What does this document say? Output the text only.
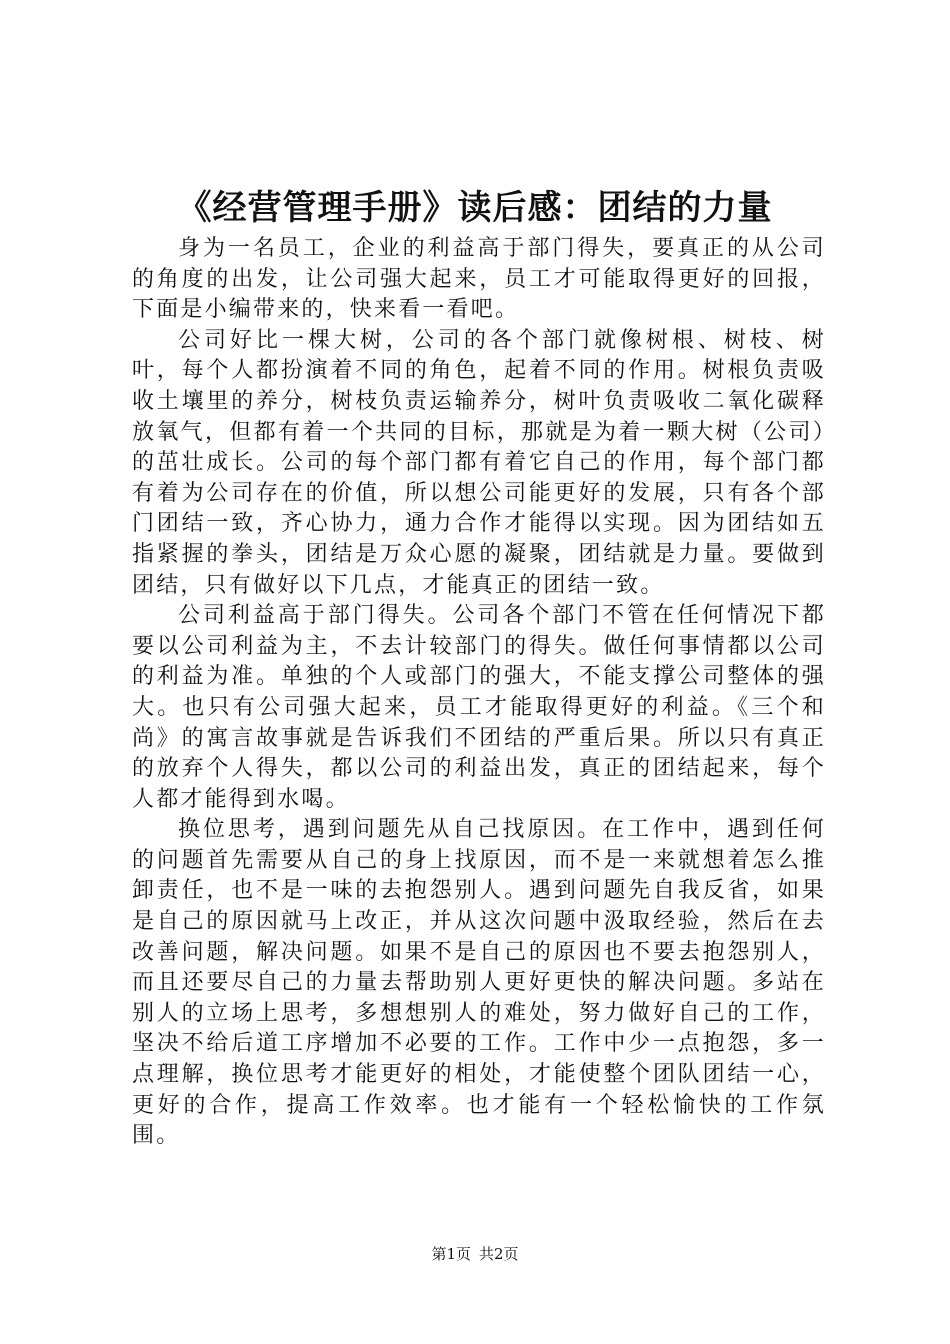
《经营管理手册》读后感：团结的力量

身为一名员工，企业的利益高于部门得失，要真正的从公司的角度的出发，让公司强大起来，员工才可能取得更好的回报，下面是小编带来的，快来看一看吧。

公司好比一棵大树，公司的各个部门就像树根、树枝、树叶，每个人都扮演着不同的角色，起着不同的作用。树根负责吸收土壤里的养分，树枝负责运输养分，树叶负责吸收二氧化碳释放氧气，但都有着一个共同的目标，那就是为着一颗大树（公司）的茁壮成长。公司的每个部门都有着它自己的作用，每个部门都有着为公司存在的价值，所以想公司能更好的发展，只有各个部门团结一致，齐心协力，通力合作才能得以实现。因为团结如五指紧握的拳头，团结是万众心愿的凝聚，团结就是力量。要做到团结，只有做好以下几点，才能真正的团结一致。

公司利益高于部门得失。公司各个部门不管在任何情况下都要以公司利益为主，不去计较部门的得失。做任何事情都以公司的利益为准。单独的个人或部门的强大，不能支撑公司整体的强大。也只有公司强大起来，员工才能取得更好的利益。《三个和尚》的寓言故事就是告诉我们不团结的严重后果。所以只有真正的放弃个人得失，都以公司的利益出发，真正的团结起来，每个人都才能得到水喝。

换位思考，遇到问题先从自己找原因。在工作中，遇到任何的问题首先需要从自己的身上找原因，而不是一来就想着怎么推卸责任，也不是一味的去抱怨别人。遇到问题先自我反省，如果是自己的原因就马上改正，并从这次问题中汲取经验，然后在去改善问题，解决问题。如果不是自己的原因也不要去抱怨别人，而且还要尽自己的力量去帮助别人更好更快的解决问题。多站在别人的立场上思考，多想想别人的难处，努力做好自己的工作，坚决不给后道工序增加不必要的工作。工作中少一点抱怨，多一点理解，换位思考才能更好的相处，才能使整个团队团结一心，更好的合作，提高工作效率。也才能有一个轻松愉快的工作氛围。

第1页 共2页
